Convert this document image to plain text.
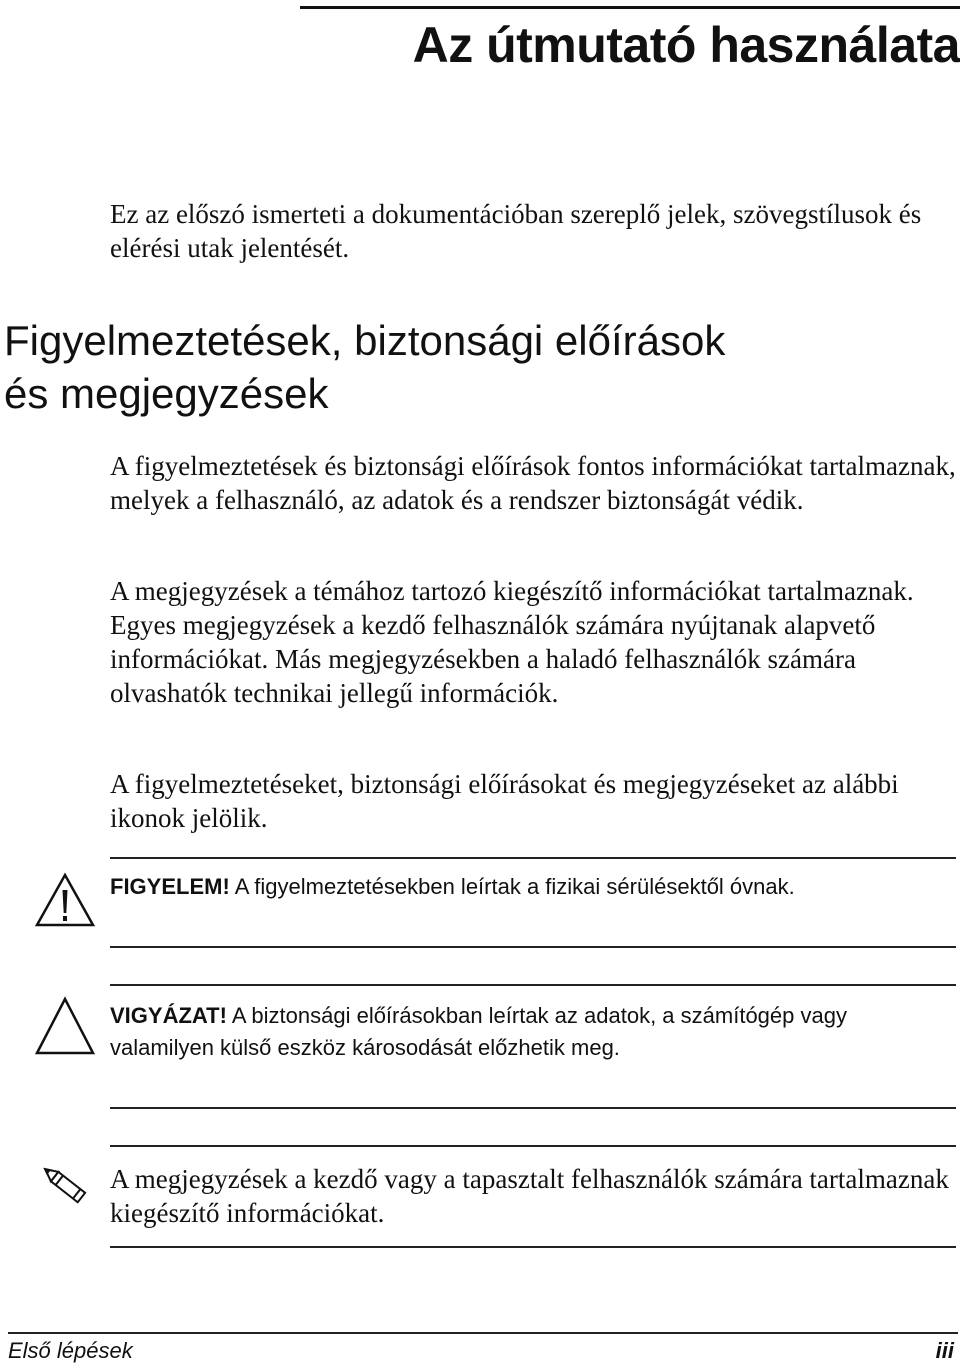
Az útmutató használata

Ez az előszó ismerteti a dokumentációban szereplő jelek, szövegstílusok és elérési utak jelentését.

Figyelmeztetések, biztonsági előírások
és megjegyzések

A figyelmeztetések és biztonsági előírások fontos információkat tartalmaznak, melyek a felhasználó, az adatok és a rendszer biztonságát védik.

A megjegyzések a témához tartozó kiegészítő információkat tartalmaznak. Egyes megjegyzések a kezdő felhasználók számára nyújtanak alapvető információkat. Más megjegyzésekben a haladó felhasználók számára olvashatók technikai jellegű információk.

A figyelmeztetéseket, biztonsági előírásokat és megjegyzéseket az alábbi ikonok jelölik.

FIGYELEM! A figyelmeztetésekben leírtak a fizikai sérülésektől óvnak.

VIGYÁZAT! A biztonsági előírásokban leírtak az adatok, a számítógép vagy valamilyen külső eszköz károsodását előzhetik meg.

A megjegyzések a kezdő vagy a tapasztalt felhasználók számára tartalmaznak kiegészítő információkat.

Első lépések	iii
